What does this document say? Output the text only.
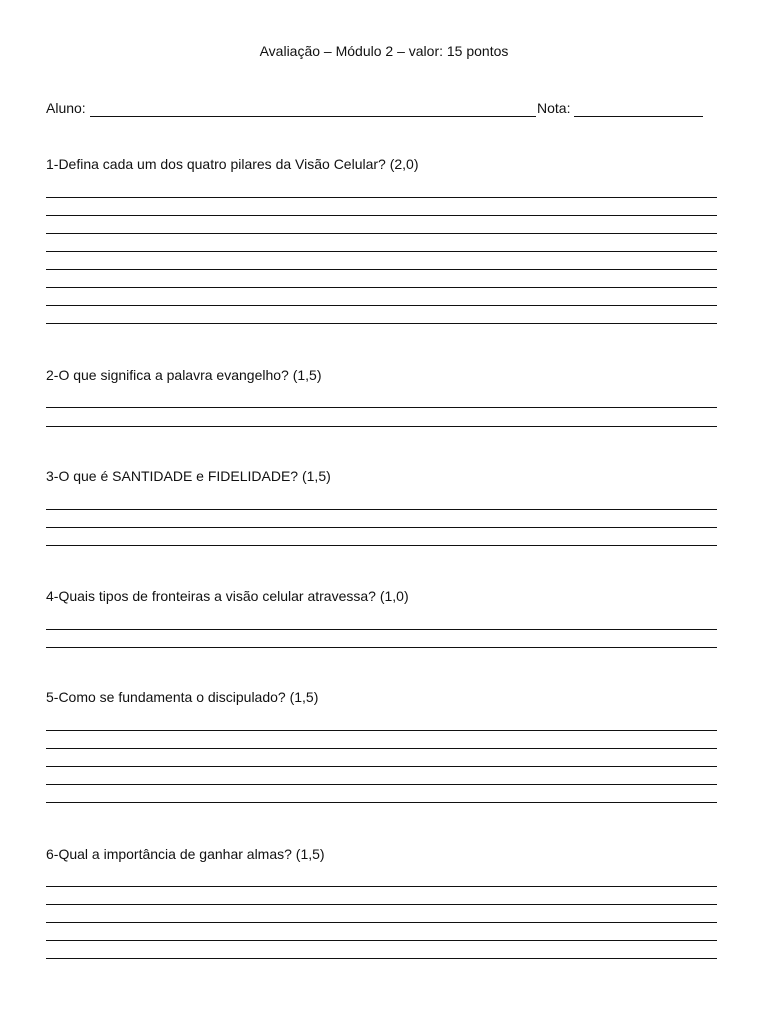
Avaliação – Módulo 2 – valor: 15 pontos
Aluno:	Nota:
1-Defina cada um dos quatro pilares da Visão Celular? (2,0)
2-O que significa a palavra evangelho? (1,5)
3-O que é SANTIDADE e FIDELIDADE? (1,5)
4-Quais tipos de fronteiras a visão celular atravessa? (1,0)
5-Como se fundamenta o discipulado? (1,5)
6-Qual a importância de ganhar almas? (1,5)
